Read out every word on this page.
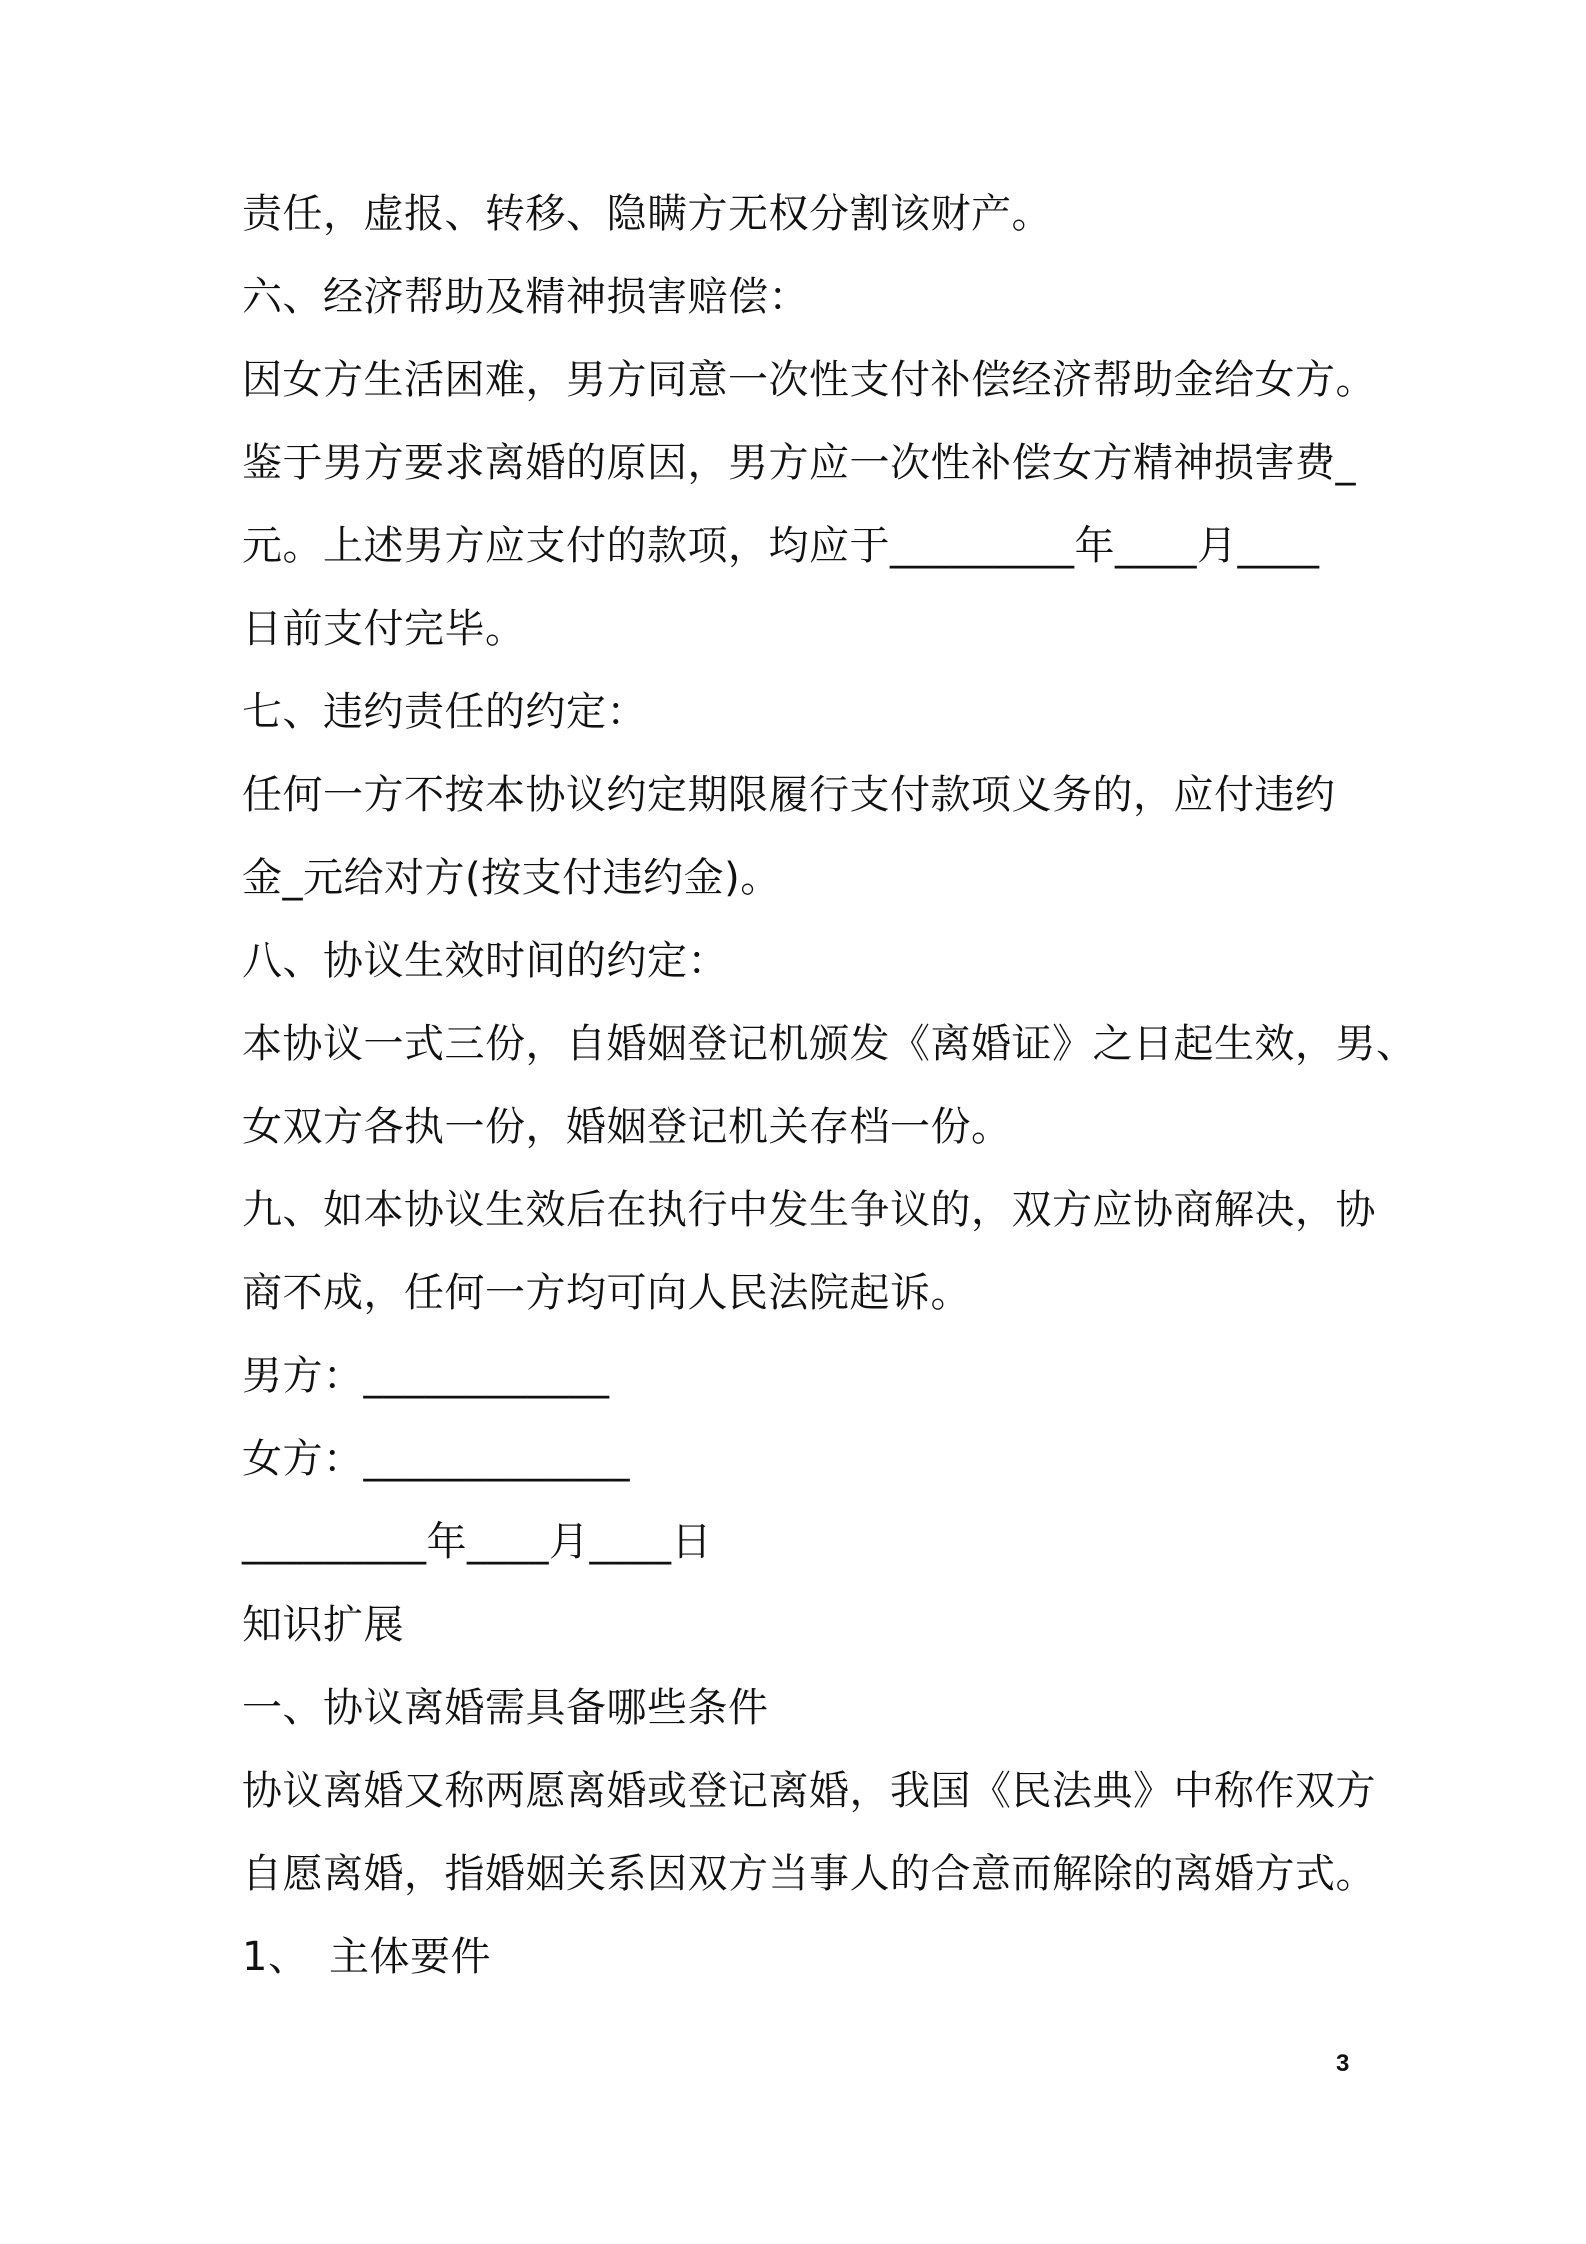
责任，虚报、转移、隐瞒方无权分割该财产。

六、经济帮助及精神损害赔偿：

因女方生活困难，男方同意一次性支付补偿经济帮助金给女方。

鉴于男方要求离婚的原因，男方应一次性补偿女方精神损害费_

元。上述男方应支付的款项，均应于_________年____月____

日前支付完毕。

七、违约责任的约定：

任何一方不按本协议约定期限履行支付款项义务的，应付违约

金_元给对方(按支付违约金)。

八、协议生效时间的约定：

本协议一式三份，自婚姻登记机颁发《离婚证》之日起生效，男、

女双方各执一份，婚姻登记机关存档一份。

九、如本协议生效后在执行中发生争议的，双方应协商解决，协

商不成，任何一方均可向人民法院起诉。

男方：____________

女方：_____________

_________年____月____日

知识扩展

一、协议离婚需具备哪些条件

协议离婚又称两愿离婚或登记离婚，我国《民法典》中称作双方

自愿离婚，指婚姻关系因双方当事人的合意而解除的离婚方式。

1、　主体要件

3
